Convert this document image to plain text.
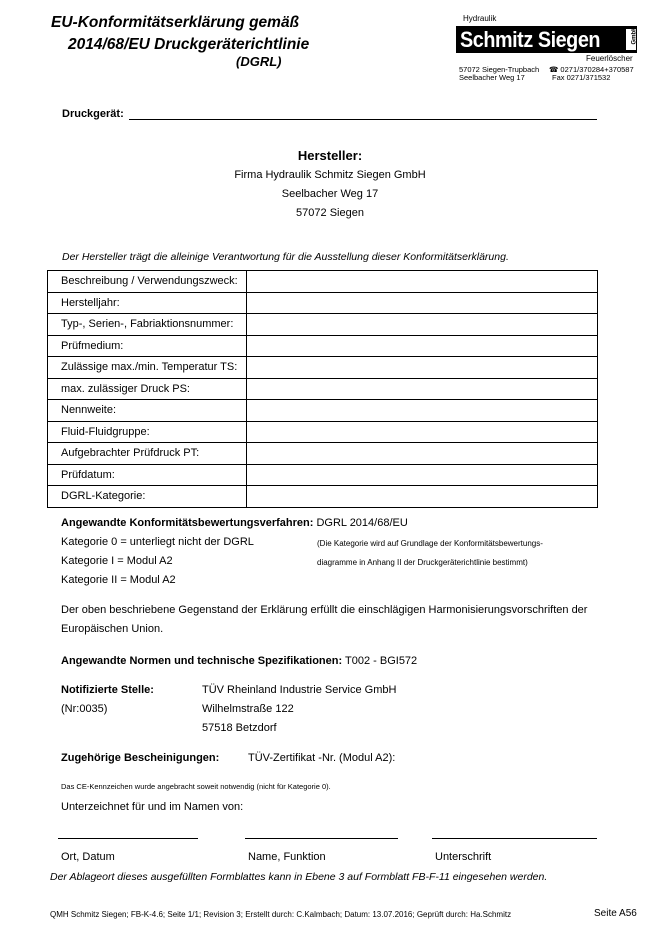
EU-Konformitätserklärung gemäß
2014/68/EU Druckgeräterichtlinie
(DGRL)
Hydraulik
Schmitz Siegen	GmbH
Feuerlöscher
57072 Siegen-Trupbach
Seelbacher Weg 17
☎ 0271/370284+370587
Fax 0271/371532
Druckgerät:
Hersteller:
Firma Hydraulik Schmitz Siegen GmbH
Seelbacher Weg 17
57072 Siegen
Der Hersteller trägt die alleinige Verantwortung für die Ausstellung dieser Konformitätserklärung.
Beschreibung / Verwendungszweck:	
Herstelljahr:	
Typ-, Serien-, Fabriaktionsnummer:	
Prüfmedium:	
Zulässige max./min. Temperatur TS:	
max. zulässiger Druck PS:	
Nennweite:	
Fluid-Fluidgruppe:	
Aufgebrachter Prüfdruck PT:	
Prüfdatum:	
DGRL-Kategorie:	
Angewandte Konformitätsbewertungsverfahren: DGRL 2014/68/EU
Kategorie 0 = unterliegt nicht der DGRL
Kategorie I = Modul A2
Kategorie II = Modul A2
(Die Kategorie wird auf Grundlage der Konformitätsbewertungs-
diagramme in Anhang II der Druckgeräterichtlinie bestimmt)
Der oben beschriebene Gegenstand der Erklärung erfüllt die einschlägigen Harmonisierungsvorschriften der
Europäischen Union.
Angewandte Normen und technische Spezifikationen: T002 - BGI572
Notifizierte Stelle:
(Nr:0035)
TÜV Rheinland Industrie Service GmbH
Wilhelmstraße 122
57518 Betzdorf
Zugehörige Bescheinigungen:	TÜV-Zertifikat -Nr. (Modul A2):
Das CE-Kennzeichen wurde angebracht soweit notwendig (nicht für Kategorie 0).
Unterzeichnet für und im Namen von:
Ort, Datum	Name, Funktion	Unterschrift
Der Ablageort dieses ausgefüllten Formblattes kann in Ebene 3 auf Formblatt FB-F-11 eingesehen werden.
QMH Schmitz Siegen; FB-K-4.6; Seite 1/1; Revision 3; Erstellt durch: C.Kalmbach; Datum: 13.07.2016; Geprüft durch: Ha.Schmitz	Seite A56
